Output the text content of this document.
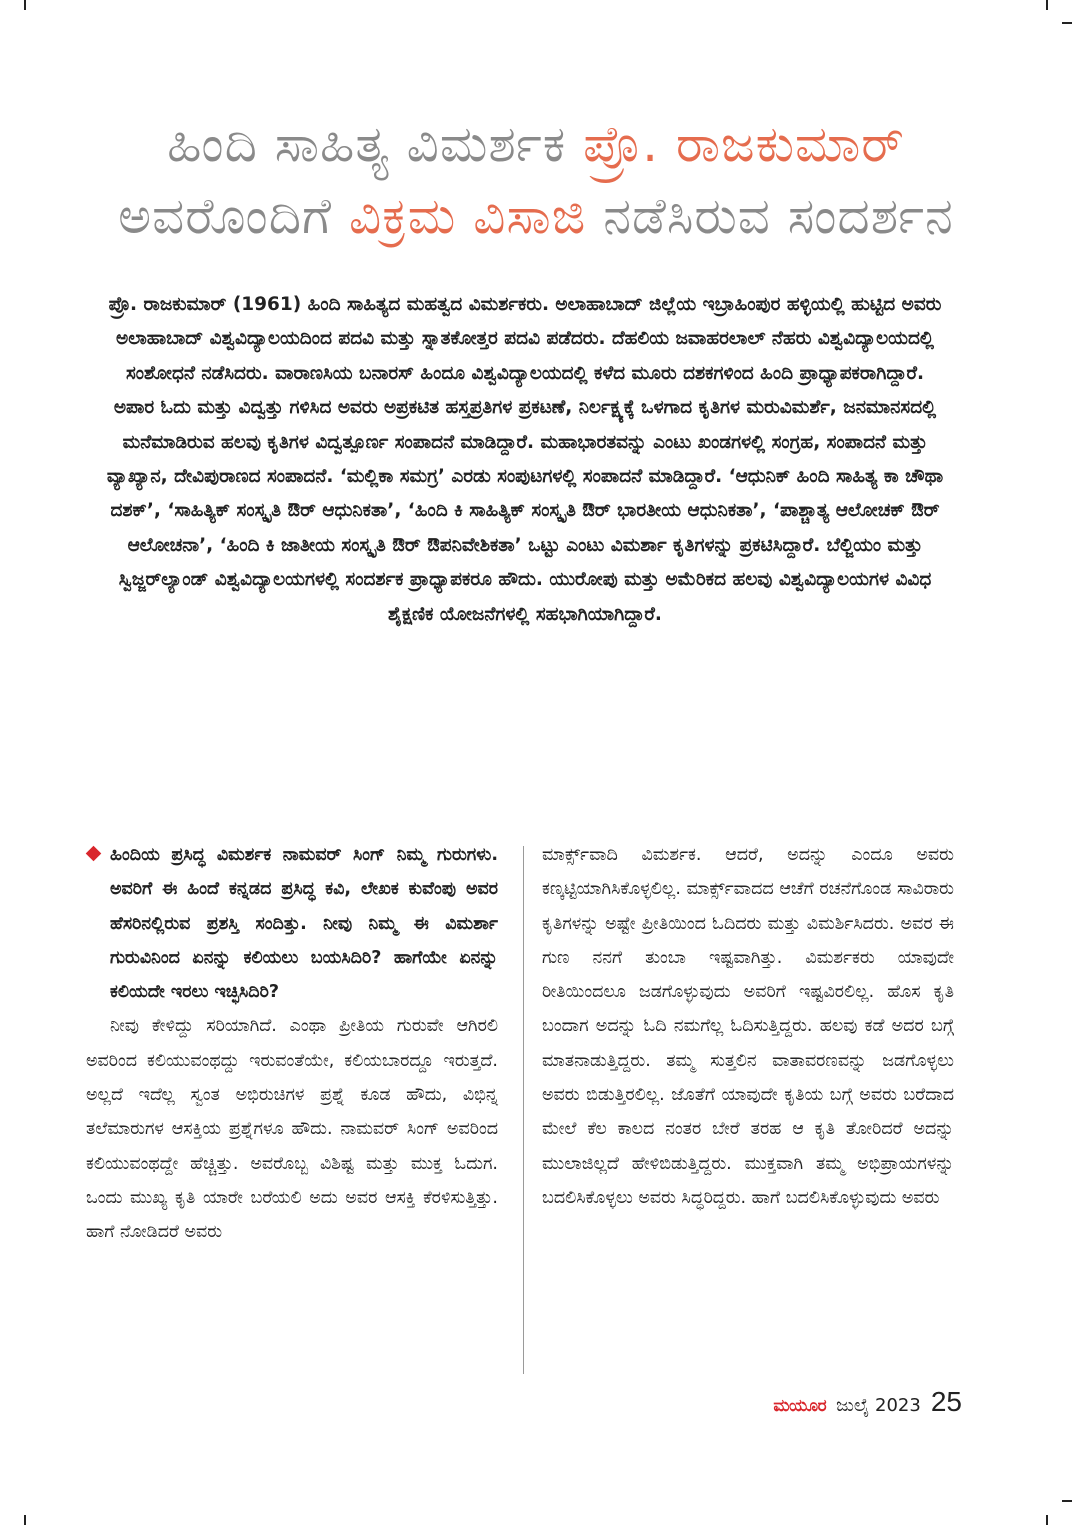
ಹಿಂದಿ ಸಾಹಿತ್ಯ ವಿಮರ್ಶಕ ಪ್ರೊ. ರಾಜಕುಮಾರ್
ಅವರೊಂದಿಗೆ ವಿಕ್ರಮ ವಿಸಾಜಿ ನಡೆಸಿರುವ ಸಂದರ್ಶನ

ಪ್ರೊ. ರಾಜಕುಮಾರ್ (1961) ಹಿಂದಿ ಸಾಹಿತ್ಯದ ಮಹತ್ವದ ವಿಮರ್ಶಕರು. ಅಲಾಹಾಬಾದ್ ಜಿಲ್ಲೆಯ ಇಬ್ರಾಹಿಂಪುರ ಹಳ್ಳಿಯಲ್ಲಿ ಹುಟ್ಟಿದ ಅವರು ಅಲಾಹಾಬಾದ್ ವಿಶ್ವವಿದ್ಯಾಲಯದಿಂದ ಪದವಿ ಮತ್ತು ಸ್ನಾತಕೋತ್ತರ ಪದವಿ ಪಡೆದರು. ದೆಹಲಿಯ ಜವಾಹರಲಾಲ್ ನೆಹರು ವಿಶ್ವವಿದ್ಯಾಲಯದಲ್ಲಿ ಸಂಶೋಧನೆ ನಡೆಸಿದರು. ವಾರಾಣಸಿಯ ಬನಾರಸ್ ಹಿಂದೂ ವಿಶ್ವವಿದ್ಯಾಲಯದಲ್ಲಿ ಕಳೆದ ಮೂರು ದಶಕಗಳಿಂದ ಹಿಂದಿ ಪ್ರಾಧ್ಯಾಪಕರಾಗಿದ್ದಾರೆ. ಅಪಾರ ಓದು ಮತ್ತು ವಿದ್ವತ್ತು ಗಳಿಸಿದ ಅವರು ಅಪ್ರಕಟಿತ ಹಸ್ತಪ್ರತಿಗಳ ಪ್ರಕಟಣೆ, ನಿರ್ಲಕ್ಷ್ಯಕ್ಕೆ ಒಳಗಾದ ಕೃತಿಗಳ ಮರುವಿಮರ್ಶೆ, ಜನಮಾನಸದಲ್ಲಿ ಮನೆಮಾಡಿರುವ ಹಲವು ಕೃತಿಗಳ ವಿದ್ವತ್ಪೂರ್ಣ ಸಂಪಾದನೆ ಮಾಡಿದ್ದಾರೆ. ಮಹಾಭಾರತವನ್ನು ಎಂಟು ಖಂಡಗಳಲ್ಲಿ ಸಂಗ್ರಹ, ಸಂಪಾದನೆ ಮತ್ತು ವ್ಯಾಖ್ಯಾನ, ದೇವಿಪುರಾಣದ ಸಂಪಾದನೆ. ‘ಮಲ್ಲಿಕಾ ಸಮಗ್ರ’ ಎರಡು ಸಂಪುಟಗಳಲ್ಲಿ ಸಂಪಾದನೆ ಮಾಡಿದ್ದಾರೆ. ‘ಆಧುನಿಕ್ ಹಿಂದಿ ಸಾಹಿತ್ಯ ಕಾ ಚೌಥಾ ದಶಕ್’, ‘ಸಾಹಿತ್ಯಿಕ್ ಸಂಸ್ಕೃತಿ ಔರ್ ಆಧುನಿಕತಾ’, ‘ಹಿಂದಿ ಕಿ ಸಾಹಿತ್ಯಿಕ್ ಸಂಸ್ಕೃತಿ ಔರ್ ಭಾರತೀಯ ಆಧುನಿಕತಾ’, ‘ಪಾಶ್ಚಾತ್ಯ ಆಲೋಚಕ್ ಔರ್ ಆಲೋಚನಾ’, ‘ಹಿಂದಿ ಕಿ ಜಾತೀಯ ಸಂಸ್ಕೃತಿ ಔರ್ ಔಪನಿವೇಶಿಕತಾ’ ಒಟ್ಟು ಎಂಟು ವಿಮರ್ಶಾ ಕೃತಿಗಳನ್ನು ಪ್ರಕಟಿಸಿದ್ದಾರೆ. ಬೆಲ್ಜಿಯಂ ಮತ್ತು ಸ್ವಿಜ್ಜರ್‌ಲ್ಯಾಂಡ್ ವಿಶ್ವವಿದ್ಯಾಲಯಗಳಲ್ಲಿ ಸಂದರ್ಶಕ ಪ್ರಾಧ್ಯಾಪಕರೂ ಹೌದು. ಯುರೋಪು ಮತ್ತು ಅಮೆರಿಕದ ಹಲವು ವಿಶ್ವವಿದ್ಯಾಲಯಗಳ ವಿವಿಧ ಶೈಕ್ಷಣಿಕ ಯೋಜನೆಗಳಲ್ಲಿ ಸಹಭಾಗಿಯಾಗಿದ್ದಾರೆ.

ಹಿಂದಿಯ ಪ್ರಸಿದ್ಧ ವಿಮರ್ಶಕ ನಾಮವರ್ ಸಿಂಗ್ ನಿಮ್ಮ ಗುರುಗಳು. ಅವರಿಗೆ ಈ ಹಿಂದೆ ಕನ್ನಡದ ಪ್ರಸಿದ್ಧ ಕವಿ, ಲೇಖಕ ಕುವೆಂಪು ಅವರ ಹೆಸರಿನಲ್ಲಿರುವ ಪ್ರಶಸ್ತಿ ಸಂದಿತ್ತು. ನೀವು ನಿಮ್ಮ ಈ ವಿಮರ್ಶಾ ಗುರುವಿನಿಂದ ಏನನ್ನು ಕಲಿಯಲು ಬಯಸಿದಿರಿ? ಹಾಗೆಯೇ ಏನನ್ನು ಕಲಿಯದೇ ಇರಲು ಇಚ್ಛಿಸಿದಿರಿ?

ನೀವು ಕೇಳಿದ್ದು ಸರಿಯಾಗಿದೆ. ಎಂಥಾ ಪ್ರೀತಿಯ ಗುರುವೇ ಆಗಿರಲಿ ಅವರಿಂದ ಕಲಿಯುವಂಥದ್ದು ಇರುವಂತೆಯೇ, ಕಲಿಯಬಾರದ್ದೂ ಇರುತ್ತದೆ. ಅಲ್ಲದೆ ಇದೆಲ್ಲ ಸ್ವಂತ ಅಭಿರುಚಿಗಳ ಪ್ರಶ್ನೆ ಕೂಡ ಹೌದು, ವಿಭಿನ್ನ ತಲೆಮಾರುಗಳ ಆಸಕ್ತಿಯ ಪ್ರಶ್ನೆಗಳೂ ಹೌದು. ನಾಮವರ್ ಸಿಂಗ್ ಅವರಿಂದ ಕಲಿಯುವಂಥದ್ದೇ ಹೆಚ್ಚಿತ್ತು. ಅವರೊಬ್ಬ ವಿಶಿಷ್ಟ ಮತ್ತು ಮುಕ್ತ ಓದುಗ. ಒಂದು ಮುಖ್ಯ ಕೃತಿ ಯಾರೇ ಬರೆಯಲಿ ಅದು ಅವರ ಆಸಕ್ತಿ ಕೆರಳಿಸುತ್ತಿತ್ತು. ಹಾಗೆ ನೋಡಿದರೆ ಅವರು

ಮಾರ್ಕ್ಸ್‌ವಾದಿ ವಿಮರ್ಶಕ. ಆದರೆ, ಅದನ್ನು ಎಂದೂ ಅವರು ಕಣ್ಕಟ್ಟಿಯಾಗಿಸಿಕೊಳ್ಳಲಿಲ್ಲ. ಮಾರ್ಕ್ಸ್‌ವಾದದ ಆಚೆಗೆ ರಚನೆಗೊಂಡ ಸಾವಿರಾರು ಕೃತಿಗಳನ್ನು ಅಷ್ಟೇ ಪ್ರೀತಿಯಿಂದ ಓದಿದರು ಮತ್ತು ವಿಮರ್ಶಿಸಿದರು. ಅವರ ಈ ಗುಣ ನನಗೆ ತುಂಬಾ ಇಷ್ಟವಾಗಿತ್ತು. ವಿಮರ್ಶಕರು ಯಾವುದೇ ರೀತಿಯಿಂದಲೂ ಜಡಗೊಳ್ಳುವುದು ಅವರಿಗೆ ಇಷ್ಟವಿರಲಿಲ್ಲ. ಹೊಸ ಕೃತಿ ಬಂದಾಗ ಅದನ್ನು ಓದಿ ನಮಗೆಲ್ಲ ಓದಿಸುತ್ತಿದ್ದರು. ಹಲವು ಕಡೆ ಅದರ ಬಗ್ಗೆ ಮಾತನಾಡುತ್ತಿದ್ದರು. ತಮ್ಮ ಸುತ್ತಲಿನ ವಾತಾವರಣವನ್ನು ಜಡಗೊಳ್ಳಲು ಅವರು ಬಿಡುತ್ತಿರಲಿಲ್ಲ. ಜೊತೆಗೆ ಯಾವುದೇ ಕೃತಿಯ ಬಗ್ಗೆ ಅವರು ಬರೆದಾದ ಮೇಲೆ ಕೆಲ ಕಾಲದ ನಂತರ ಬೇರೆ ತರಹ ಆ ಕೃತಿ ತೋರಿದರೆ ಅದನ್ನು ಮುಲಾಜಿಲ್ಲದೆ ಹೇಳಿಬಿಡುತ್ತಿದ್ದರು. ಮುಕ್ತವಾಗಿ ತಮ್ಮ ಅಭಿಪ್ರಾಯಗಳನ್ನು ಬದಲಿಸಿಕೊಳ್ಳಲು ಅವರು ಸಿದ್ಧರಿದ್ದರು. ಹಾಗೆ ಬದಲಿಸಿಕೊಳ್ಳುವುದು ಅವರು

ಮಯೂರ ಜುಲೈ 2023 25
